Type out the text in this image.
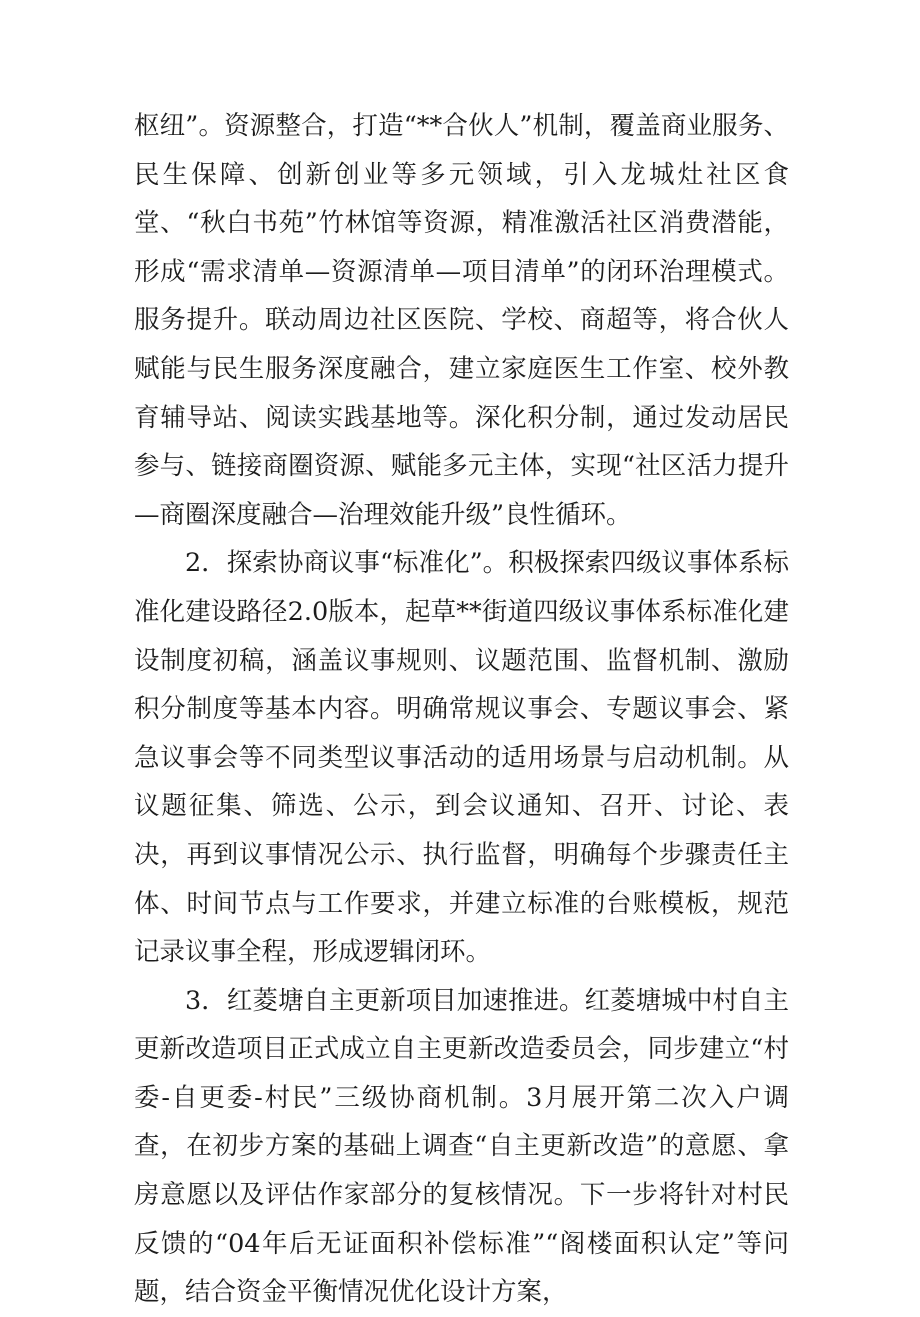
枢纽”。资源整合，打造“**合伙人”机制，覆盖商业服务、民生保障、创新创业等多元领域，引入龙城灶社区食堂、“秋白书苑”竹林馆等资源，精准激活社区消费潜能，形成“需求清单—资源清单—项目清单”的闭环治理模式。服务提升。联动周边社区医院、学校、商超等，将合伙人赋能与民生服务深度融合，建立家庭医生工作室、校外教育辅导站、阅读实践基地等。深化积分制，通过发动居民参与、链接商圈资源、赋能多元主体，实现“社区活力提升—商圈深度融合—治理效能升级”良性循环。

2．探索协商议事“标准化”。积极探索四级议事体系标准化建设路径2.0版本，起草**街道四级议事体系标准化建设制度初稿，涵盖议事规则、议题范围、监督机制、激励积分制度等基本内容。明确常规议事会、专题议事会、紧急议事会等不同类型议事活动的适用场景与启动机制。从议题征集、筛选、公示，到会议通知、召开、讨论、表决，再到议事情况公示、执行监督，明确每个步骤责任主体、时间节点与工作要求，并建立标准的台账模板，规范记录议事全程，形成逻辑闭环。

3．红菱塘自主更新项目加速推进。红菱塘城中村自主更新改造项目正式成立自主更新改造委员会，同步建立“村委-自更委-村民”三级协商机制。3月展开第二次入户调查，在初步方案的基础上调查“自主更新改造”的意愿、拿房意愿以及评估作家部分的复核情况。下一步将针对村民反馈的“04年后无证面积补偿标准”“阁楼面积认定”等问题，结合资金平衡情况优化设计方案，
